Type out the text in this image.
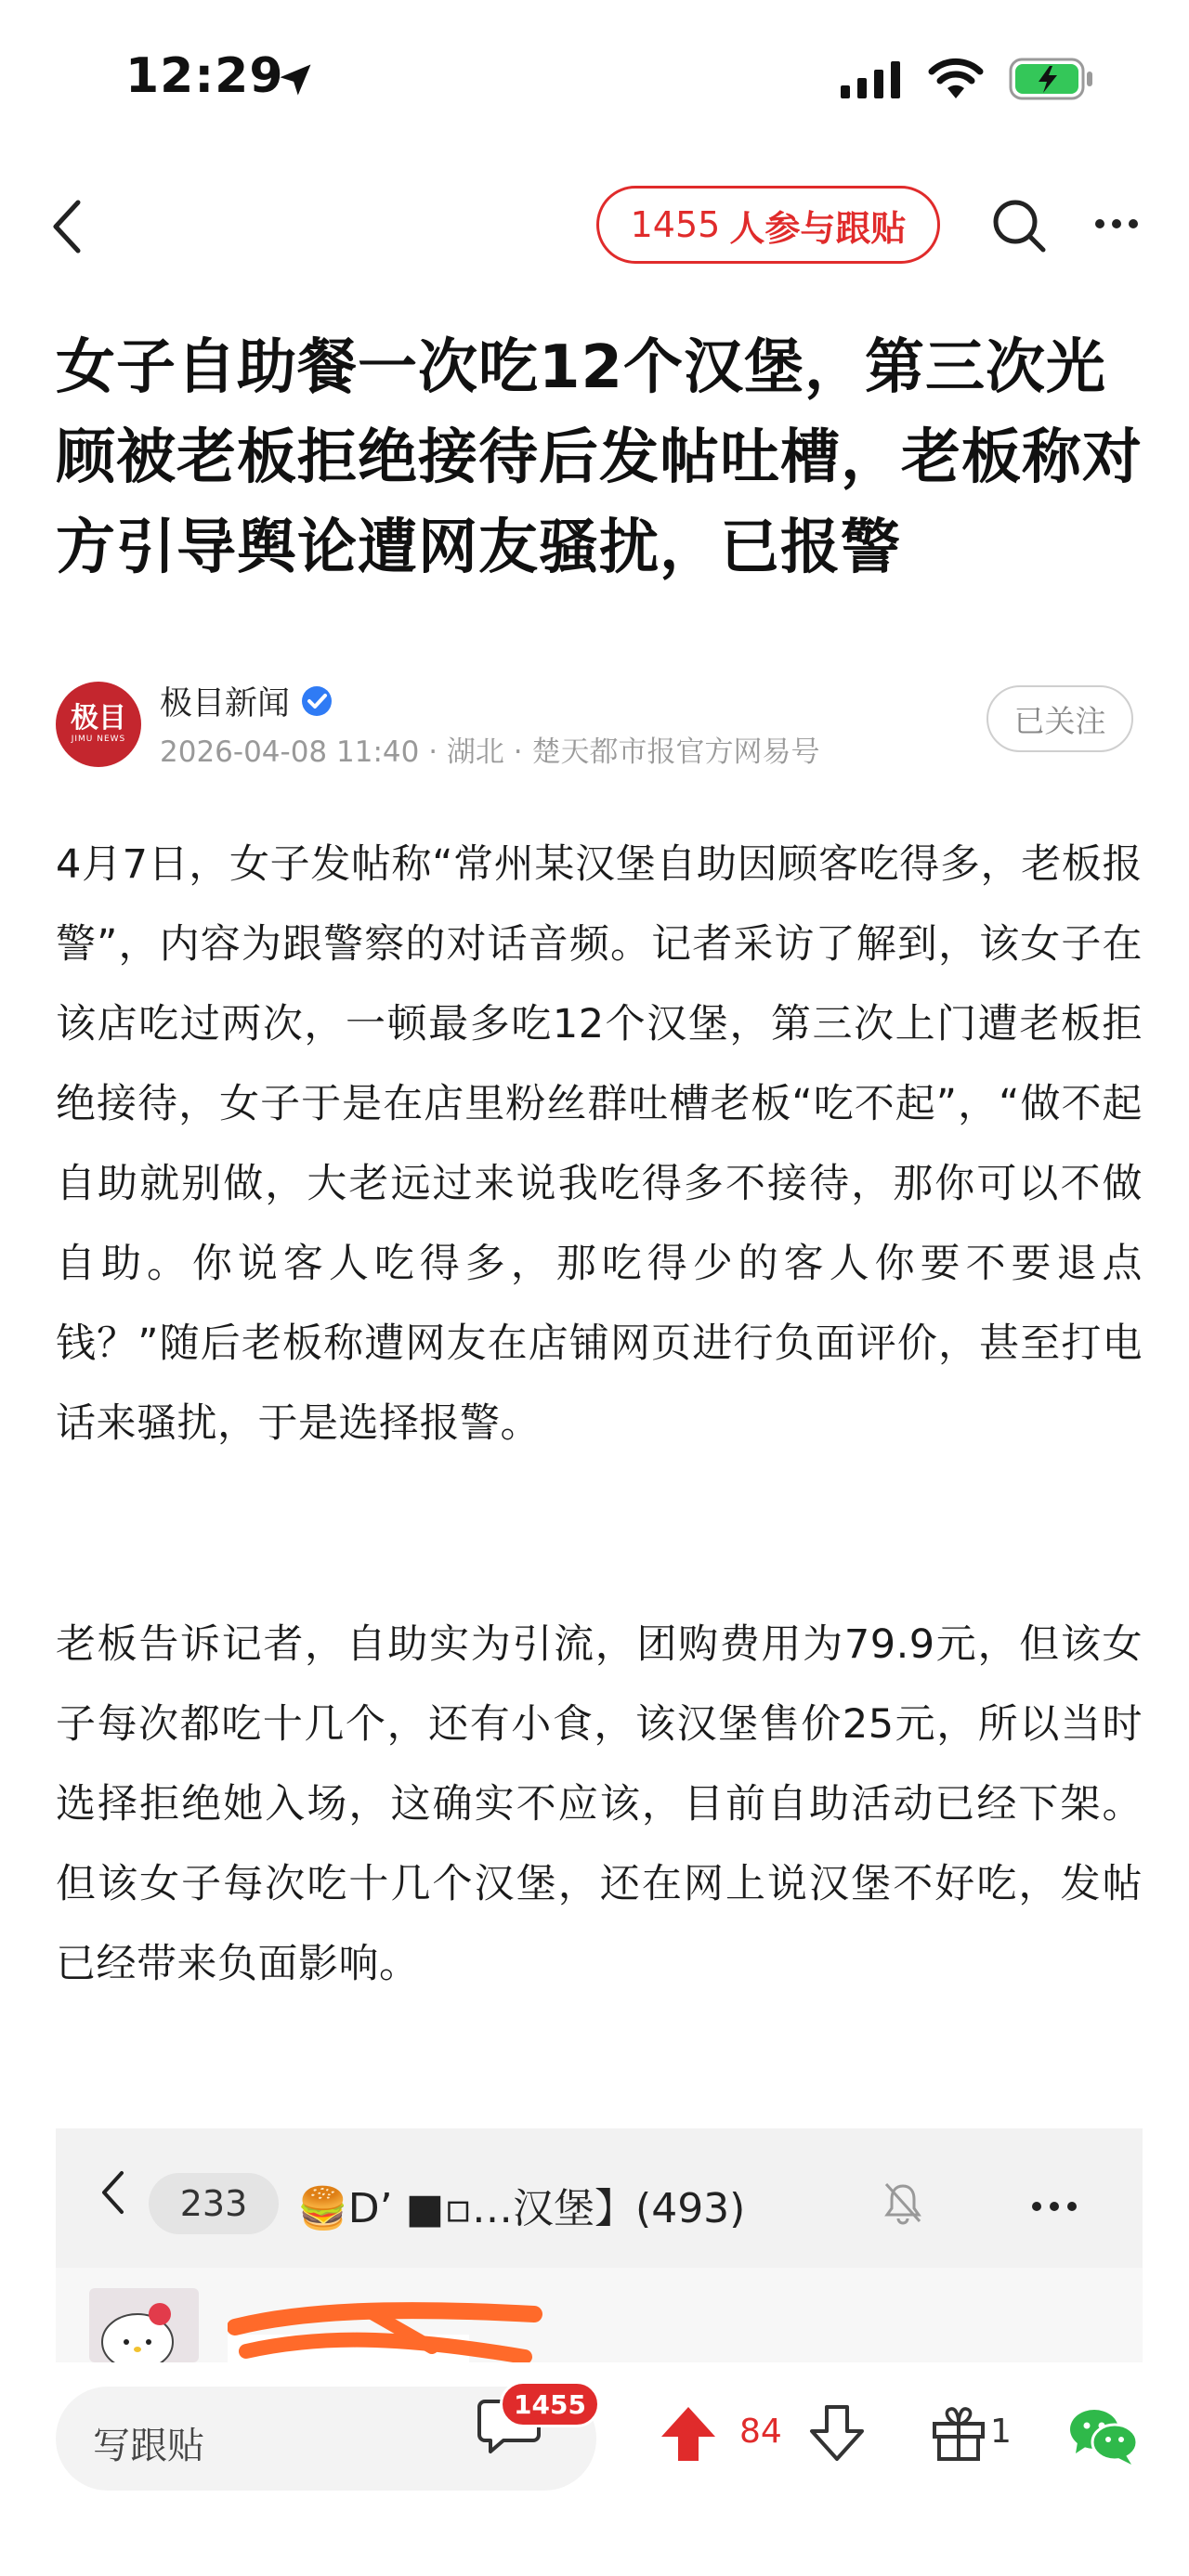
12:29
1455 人参与跟贴
女子自助餐一次吃12个汉堡，第三次光顾被老板拒绝接待后发帖吐槽，老板称对方引导舆论遭网友骚扰，已报警
极目
JIMU NEWS
极目新闻
2026-04-08 11:40 · 湖北 · 楚天都市报官方网易号
已关注

4月7日，女子发帖称“常州某汉堡自助因顾客吃得多，老板报警”，内容为跟警察的对话音频。记者采访了解到，该女子在该店吃过两次，一顿最多吃12个汉堡，第三次上门遭老板拒绝接待，女子于是在店里粉丝群吐槽老板“吃不起”，“做不起自助就别做，大老远过来说我吃得多不接待，那你可以不做自助。你说客人吃得多，那吃得少的客人你要不要退点钱？”随后老板称遭网友在店铺网页进行负面评价，甚至打电话来骚扰，于是选择报警。

老板告诉记者，自助实为引流，团购费用为79.9元，但该女子每次都吃十几个，还有小食，该汉堡售价25元，所以当时选择拒绝她入场，这确实不应该，目前自助活动已经下架。但该女子每次吃十几个汉堡，还在网上说汉堡不好吃，发帖已经带来负面影响。

233	🍔D’ ■▫…汉堡】(493)
写跟贴
1455
84	1
